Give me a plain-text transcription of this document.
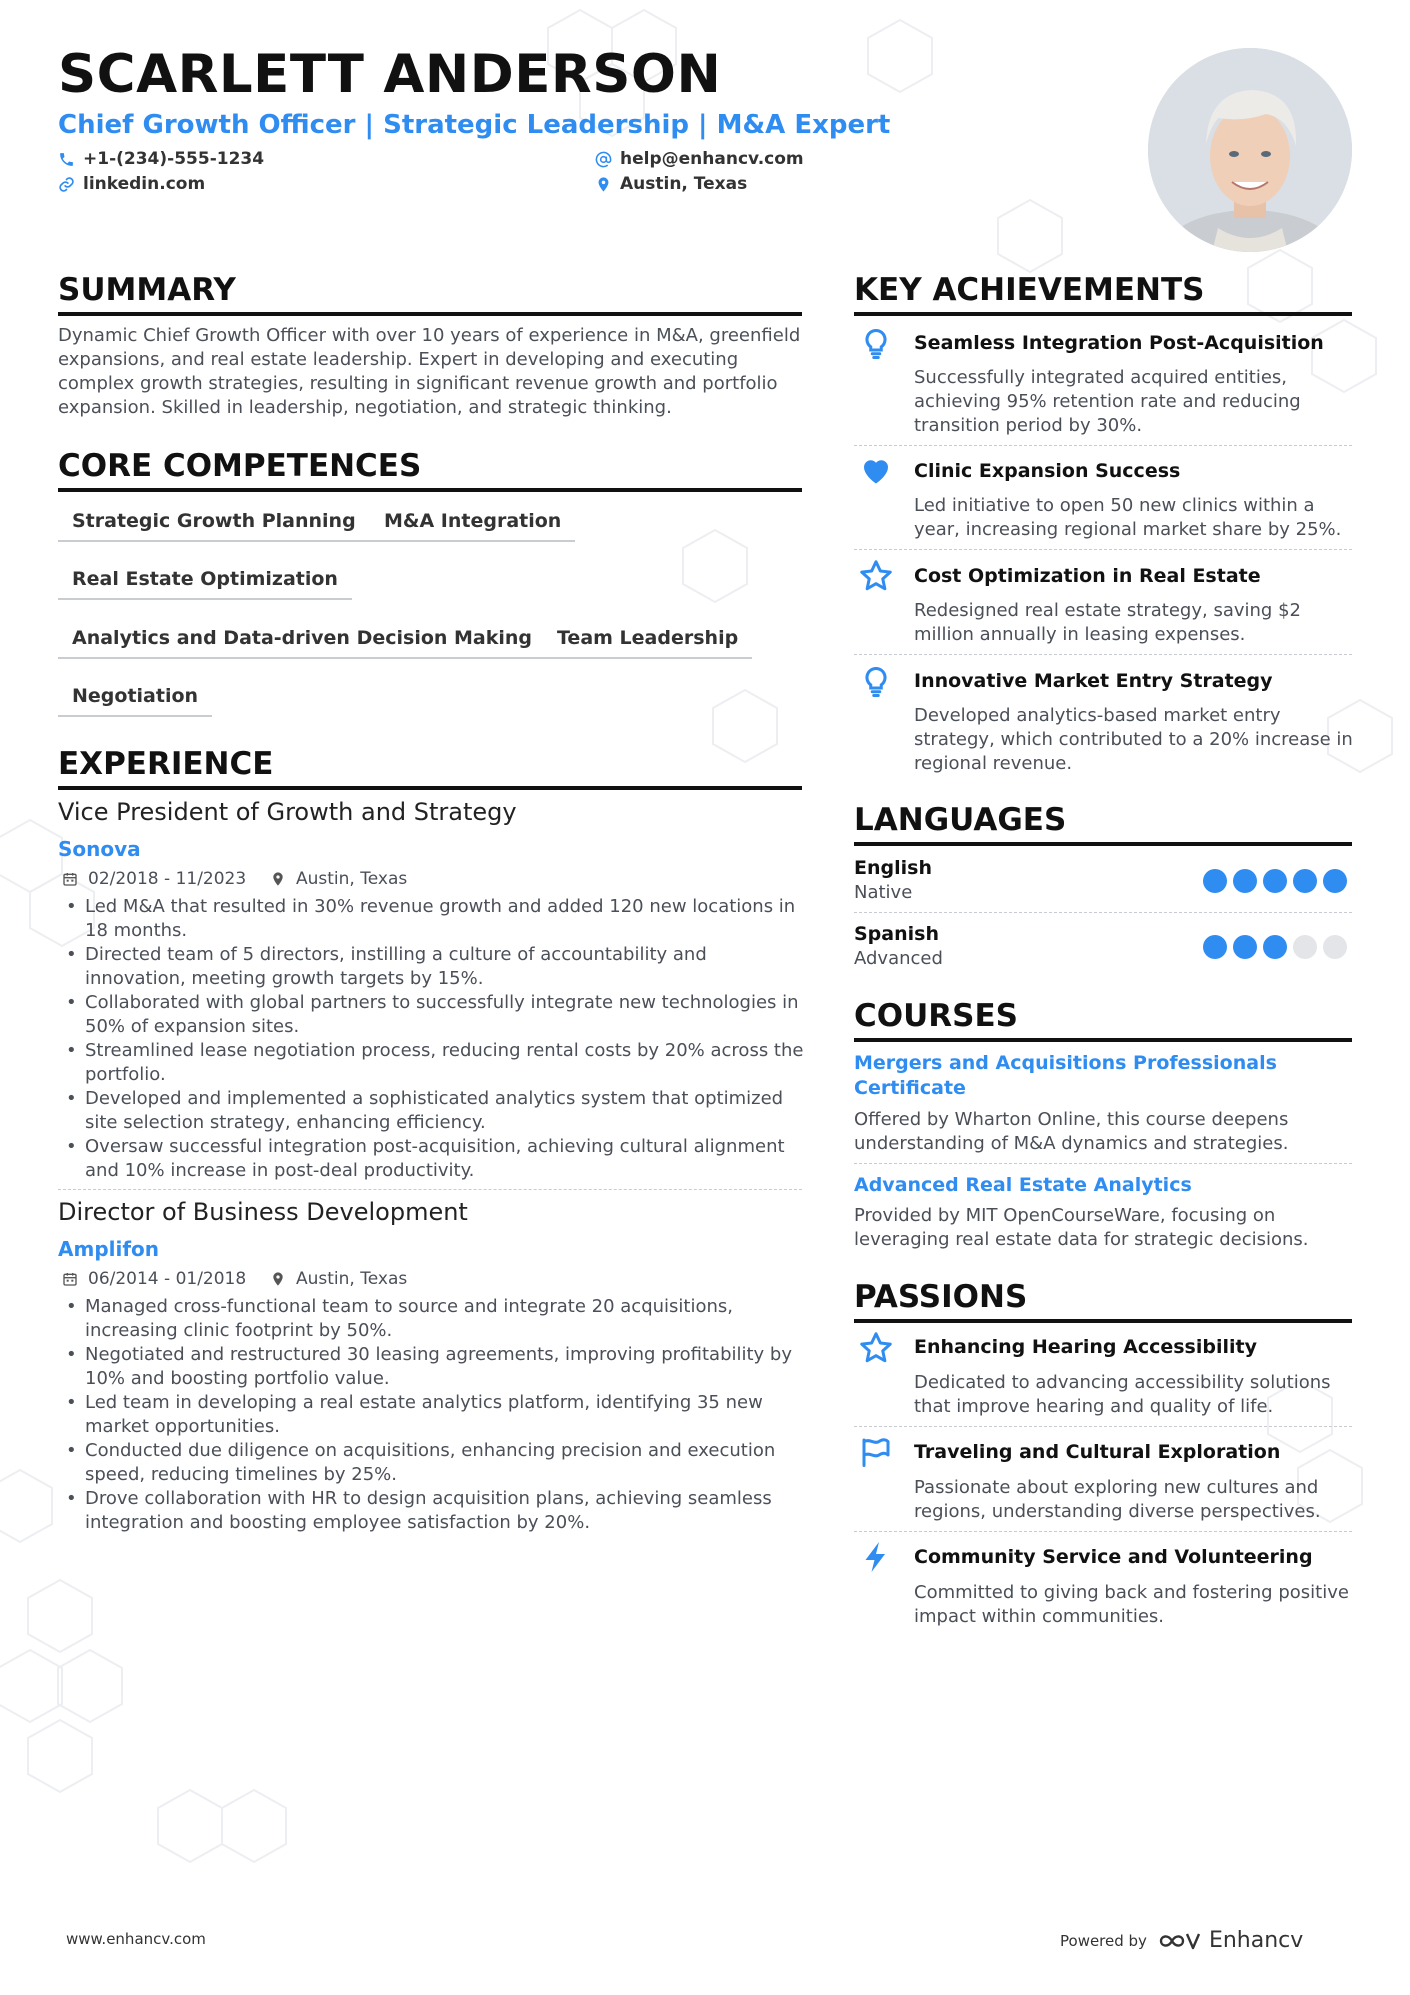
SCARLETT ANDERSON
Chief Growth Officer | Strategic Leadership | M&A Expert
+1-(234)-555-1234	help@enhancv.com
linkedin.com	Austin, Texas
SUMMARY
Dynamic Chief Growth Officer with over 10 years of experience in M&A, greenfield expansions, and real estate leadership. Expert in developing and executing complex growth strategies, resulting in significant revenue growth and portfolio expansion. Skilled in leadership, negotiation, and strategic thinking.
CORE COMPETENCES
Strategic Growth Planning	M&A Integration
Real Estate Optimization
Analytics and Data-driven Decision Making	Team Leadership
Negotiation
EXPERIENCE
Vice President of Growth and Strategy
Sonova
02/2018 - 11/2023	Austin, Texas
• Led M&A that resulted in 30% revenue growth and added 120 new locations in 18 months.
• Directed team of 5 directors, instilling a culture of accountability and innovation, meeting growth targets by 15%.
• Collaborated with global partners to successfully integrate new technologies in 50% of expansion sites.
• Streamlined lease negotiation process, reducing rental costs by 20% across the portfolio.
• Developed and implemented a sophisticated analytics system that optimized site selection strategy, enhancing efficiency.
• Oversaw successful integration post-acquisition, achieving cultural alignment and 10% increase in post-deal productivity.
Director of Business Development
Amplifon
06/2014 - 01/2018	Austin, Texas
• Managed cross-functional team to source and integrate 20 acquisitions, increasing clinic footprint by 50%.
• Negotiated and restructured 30 leasing agreements, improving profitability by 10% and boosting portfolio value.
• Led team in developing a real estate analytics platform, identifying 35 new market opportunities.
• Conducted due diligence on acquisitions, enhancing precision and execution speed, reducing timelines by 25%.
• Drove collaboration with HR to design acquisition plans, achieving seamless integration and boosting employee satisfaction by 20%.
KEY ACHIEVEMENTS
Seamless Integration Post-Acquisition
Successfully integrated acquired entities, achieving 95% retention rate and reducing transition period by 30%.
Clinic Expansion Success
Led initiative to open 50 new clinics within a year, increasing regional market share by 25%.
Cost Optimization in Real Estate
Redesigned real estate strategy, saving $2 million annually in leasing expenses.
Innovative Market Entry Strategy
Developed analytics-based market entry strategy, which contributed to a 20% increase in regional revenue.
LANGUAGES
English
Native
Spanish
Advanced
COURSES
Mergers and Acquisitions Professionals Certificate
Offered by Wharton Online, this course deepens understanding of M&A dynamics and strategies.
Advanced Real Estate Analytics
Provided by MIT OpenCourseWare, focusing on leveraging real estate data for strategic decisions.
PASSIONS
Enhancing Hearing Accessibility
Dedicated to advancing accessibility solutions that improve hearing and quality of life.
Traveling and Cultural Exploration
Passionate about exploring new cultures and regions, understanding diverse perspectives.
Community Service and Volunteering
Committed to giving back and fostering positive impact within communities.
www.enhancv.com	Powered by	Enhancv
